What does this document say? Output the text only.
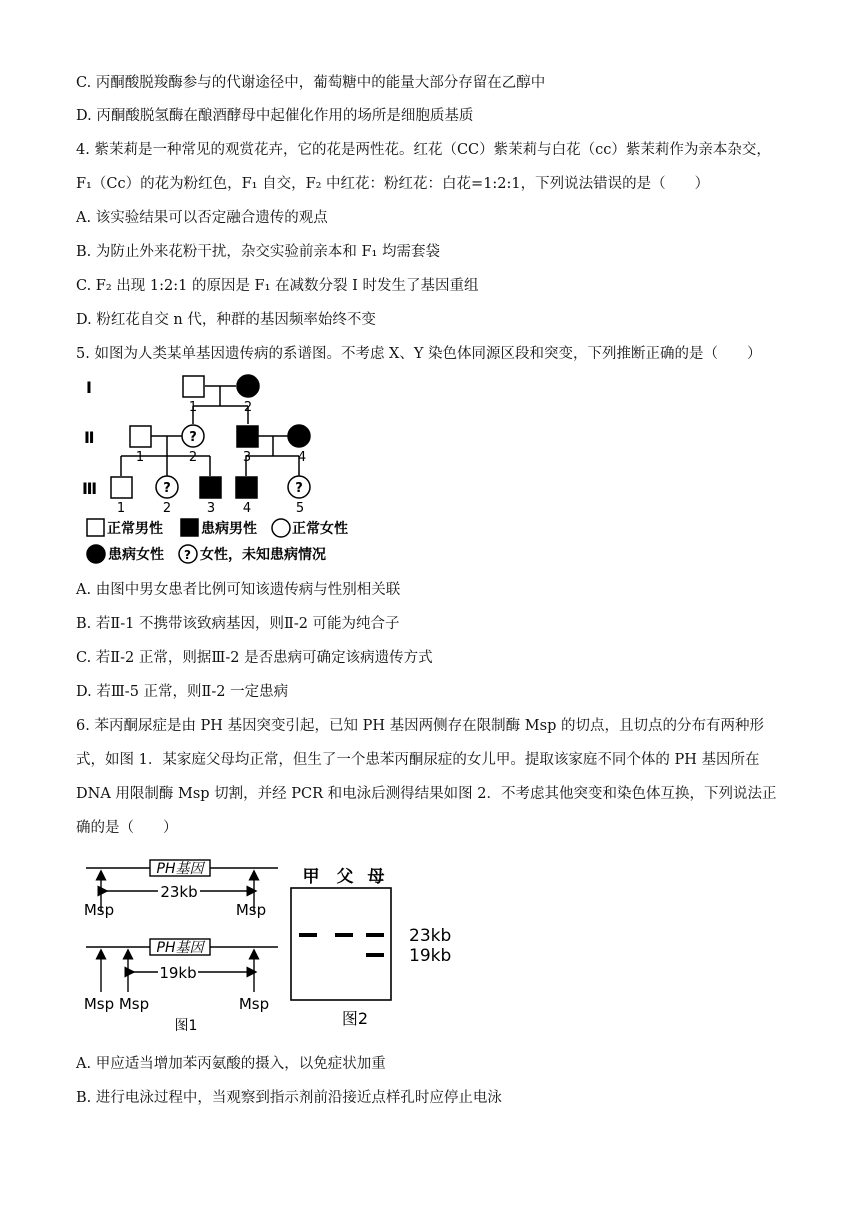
C. 丙酮酸脱羧酶参与的代谢途径中，葡萄糖中的能量大部分存留在乙醇中
D. 丙酮酸脱氢酶在酿酒酵母中起催化作用的场所是细胞质基质
4. 紫茉莉是一种常见的观赏花卉，它的花是两性花。红花（CC）紫茉莉与白花（cc）紫茉莉作为亲本杂交，
F₁（Cc）的花为粉红色，F₁ 自交，F₂ 中红花：粉红花：白花=1:2:1，下列说法错误的是（　　）
A. 该实验结果可以否定融合遗传的观点
B. 为防止外来花粉干扰，杂交实验前亲本和 F₁ 均需套袋
C. F₂ 出现 1:2:1 的原因是 F₁ 在减数分裂 Ⅰ 时发生了基因重组
D. 粉红花自交 n 代，种群的基因频率始终不变
5. 如图为人类某单基因遗传病的系谱图。不考虑 X、Y 染色体同源区段和突变，下列推断正确的是（　　）
?
?	?
Ⅰ
Ⅱ
Ⅲ
1	2
1	2	3	4
1	2	3 4	5
正常男性	患病男性	正常女性
患病女性 ? 女性，未知患病情况
A. 由图中男女患者比例可知该遗传病与性别相关联
B. 若Ⅱ-1 不携带该致病基因，则Ⅱ-2 可能为纯合子
C. 若Ⅱ-2 正常，则据Ⅲ-2 是否患病可确定该病遗传方式
D. 若Ⅲ-5 正常，则Ⅱ-2 一定患病
6. 苯丙酮尿症是由 PH 基因突变引起，已知 PH 基因两侧存在限制酶 Msp 的切点，且切点的分布有两种形
式，如图 1．某家庭父母均正常，但生了一个患苯丙酮尿症的女儿甲。提取该家庭不同个体的 PH 基因所在
DNA 用限制酶 Msp 切割，并经 PCR 和电泳后测得结果如图 2．不考虑其他突变和染色体互换，下列说法正
确的是（　　）
PH基因
PH基因
23kb
19kb
Msp	Msp
Msp Msp	Msp
图1
甲 父 母
23kb
19kb
图2
A. 甲应适当增加苯丙氨酸的摄入，以免症状加重
B. 进行电泳过程中，当观察到指示剂前沿接近点样孔时应停止电泳
